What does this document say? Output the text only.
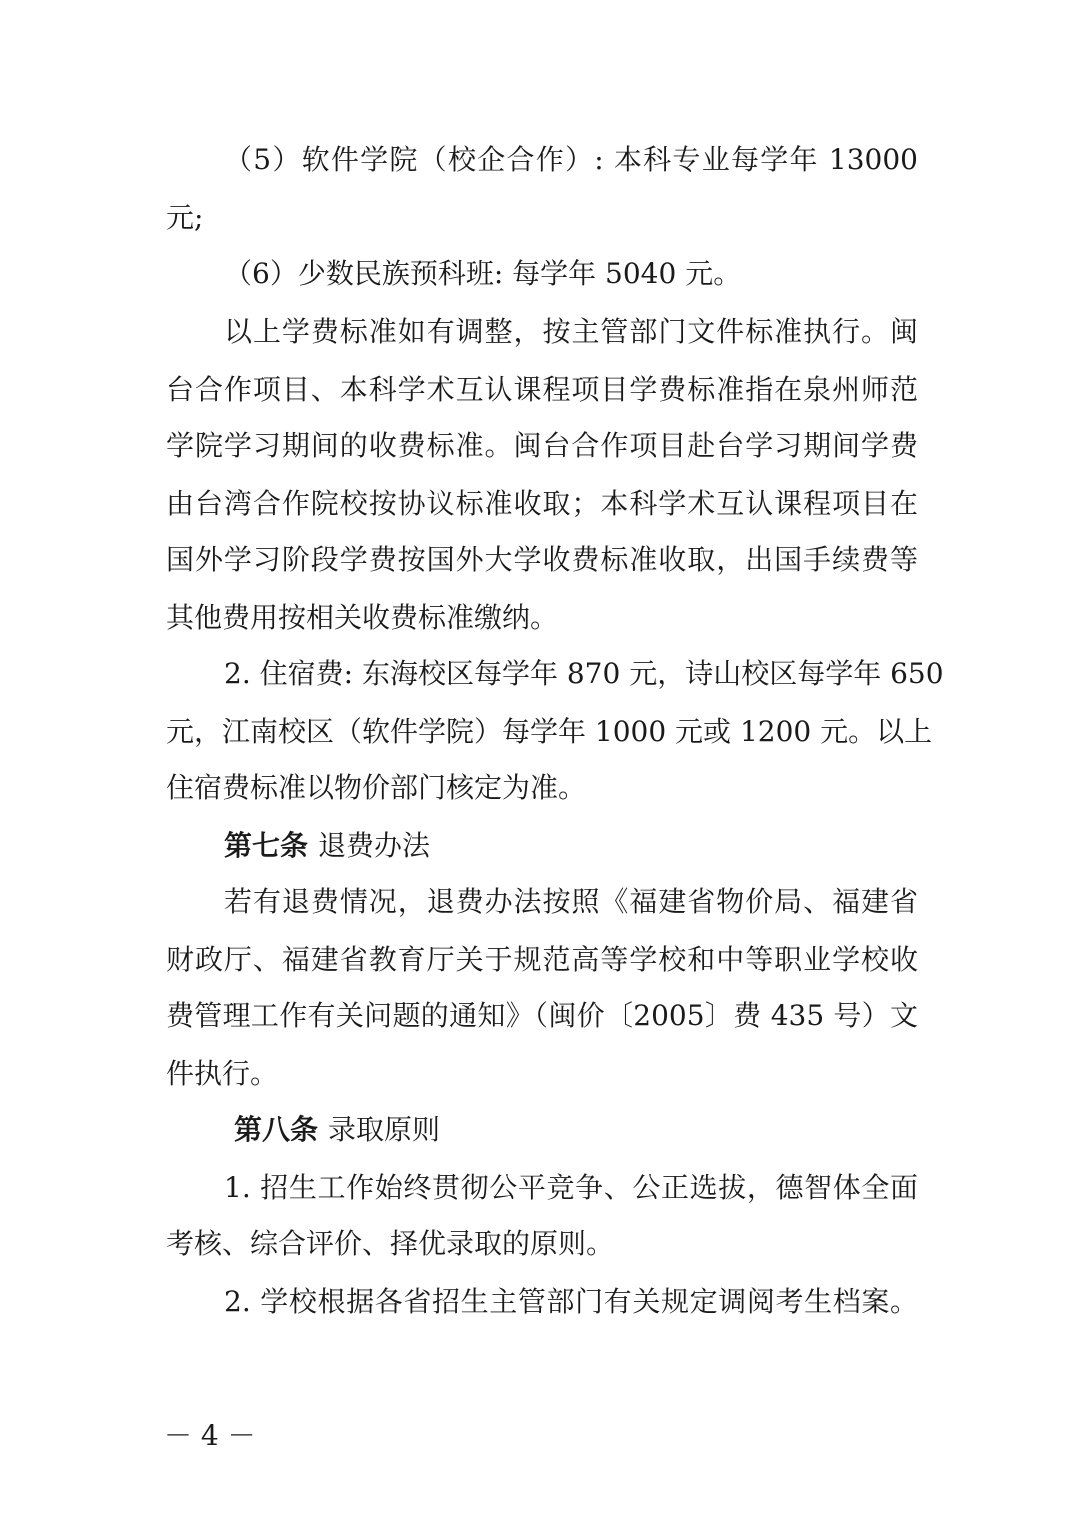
（5）软件学院（校企合作）: 本科专业每学年 13000
元;
（6）少数民族预科班: 每学年 5040 元。
以上学费标准如有调整，按主管部门文件标准执行。闽
台合作项目、本科学术互认课程项目学费标准指在泉州师范
学院学习期间的收费标准。闽台合作项目赴台学习期间学费
由台湾合作院校按协议标准收取；本科学术互认课程项目在
国外学习阶段学费按国外大学收费标准收取，出国手续费等
其他费用按相关收费标准缴纳。
2. 住宿费: 东海校区每学年 870 元，诗山校区每学年 650
元，江南校区（软件学院）每学年 1000 元或 1200 元。以上
住宿费标准以物价部门核定为准。
第七条 退费办法
若有退费情况，退费办法按照《福建省物价局、福建省
财政厅、福建省教育厅关于规范高等学校和中等职业学校收
费管理工作有关问题的通知》（闽价〔2005〕费 435 号）文
件执行。
第八条 录取原则
1. 招生工作始终贯彻公平竞争、公正选拔，德智体全面
考核、综合评价、择优录取的原则。
2. 学校根据各省招生主管部门有关规定调阅考生档案。
－ 4 －
